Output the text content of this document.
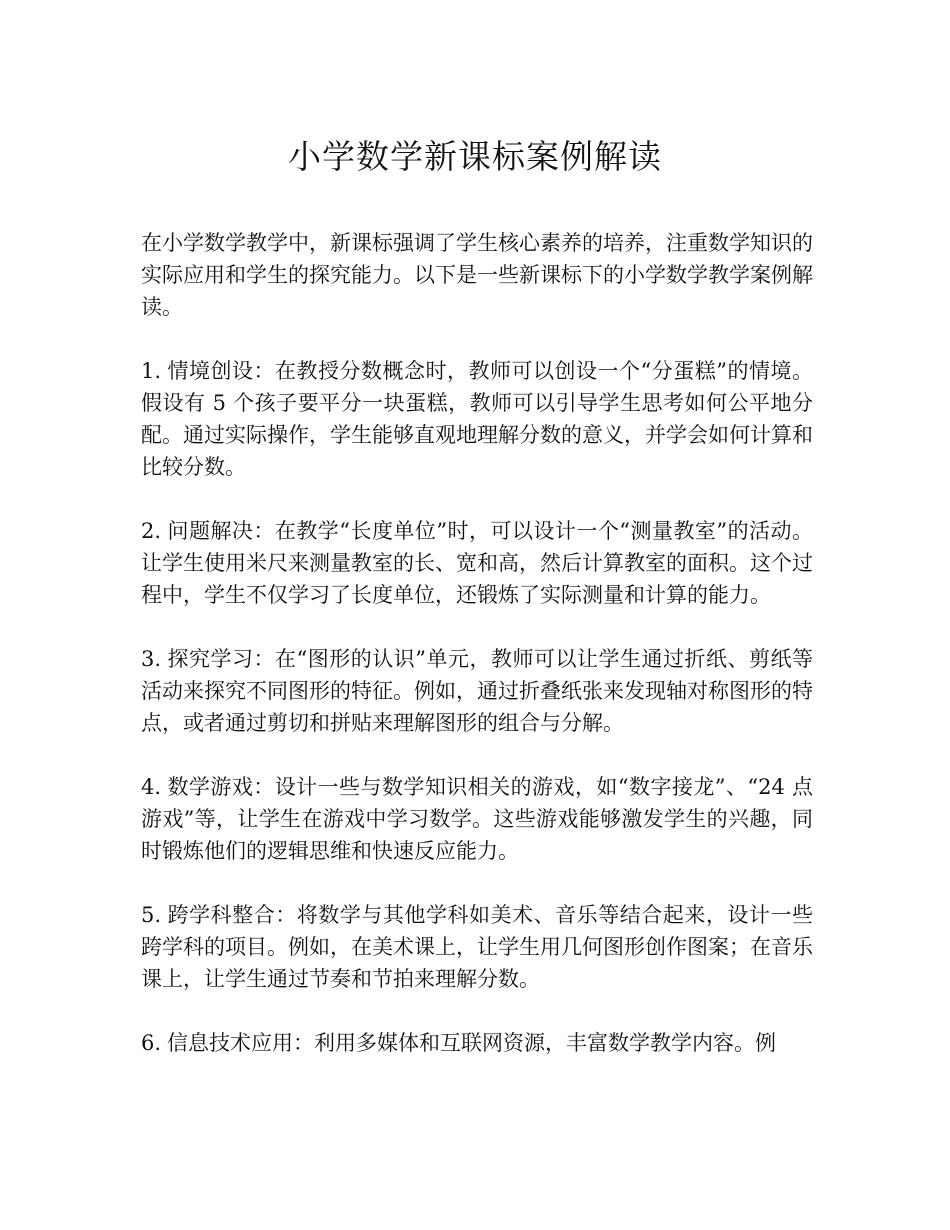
小学数学新课标案例解读

在小学数学教学中，新课标强调了学生核心素养的培养，注重数学知识的实际应用和学生的探究能力。以下是一些新课标下的小学数学教学案例解读。

1. 情境创设：在教授分数概念时，教师可以创设一个“分蛋糕”的情境。假设有 5 个孩子要平分一块蛋糕，教师可以引导学生思考如何公平地分配。通过实际操作，学生能够直观地理解分数的意义，并学会如何计算和比较分数。

2. 问题解决：在教学“长度单位”时，可以设计一个“测量教室”的活动。让学生使用米尺来测量教室的长、宽和高，然后计算教室的面积。这个过程中，学生不仅学习了长度单位，还锻炼了实际测量和计算的能力。

3. 探究学习：在“图形的认识”单元，教师可以让学生通过折纸、剪纸等活动来探究不同图形的特征。例如，通过折叠纸张来发现轴对称图形的特点，或者通过剪切和拼贴来理解图形的组合与分解。

4. 数学游戏：设计一些与数学知识相关的游戏，如“数字接龙”、“24 点游戏”等，让学生在游戏中学习数学。这些游戏能够激发学生的兴趣，同时锻炼他们的逻辑思维和快速反应能力。

5. 跨学科整合：将数学与其他学科如美术、音乐等结合起来，设计一些跨学科的项目。例如，在美术课上，让学生用几何图形创作图案；在音乐课上，让学生通过节奏和节拍来理解分数。

6. 信息技术应用：利用多媒体和互联网资源，丰富数学教学内容。例
